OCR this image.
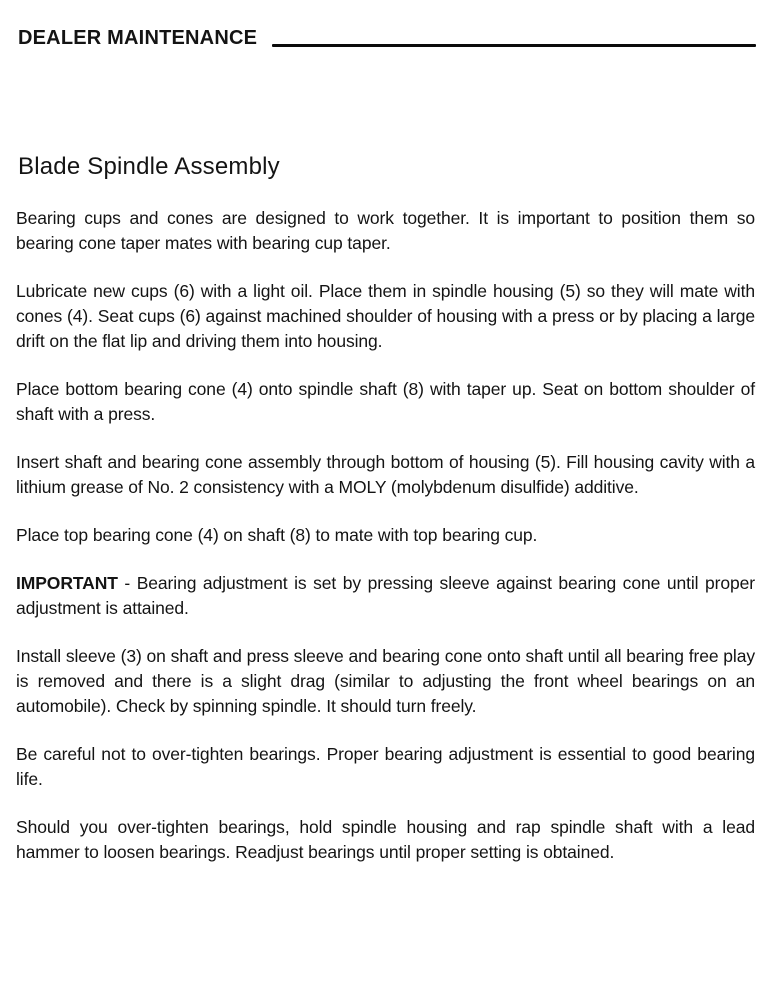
DEALER MAINTENANCE
Blade Spindle Assembly

Bearing cups and cones are designed to work together. It is important to position them so bearing cone taper mates with bearing cup taper.

Lubricate new cups (6) with a light oil. Place them in spindle housing (5) so they will mate with cones (4). Seat cups (6) against machined shoulder of housing with a press or by placing a large drift on the flat lip and driving them into housing.

Place bottom bearing cone (4) onto spindle shaft (8) with taper up. Seat on bottom shoulder of shaft with a press.

Insert shaft and bearing cone assembly through bottom of housing (5). Fill housing cavity with a lithium grease of No. 2 consistency with a MOLY (molybdenum disulfide) additive.

Place top bearing cone (4) on shaft (8) to mate with top bearing cup.

IMPORTANT - Bearing adjustment is set by pressing sleeve against bearing cone until proper adjustment is attained.

Install sleeve (3) on shaft and press sleeve and bearing cone onto shaft until all bearing free play is removed and there is a slight drag (similar to adjusting the front wheel bearings on an automobile). Check by spinning spindle. It should turn freely.

Be careful not to over-tighten bearings. Proper bearing adjustment is essential to good bearing life.

Should you over-tighten bearings, hold spindle housing and rap spindle shaft with a lead hammer to loosen bearings. Readjust bearings until proper setting is obtained.
